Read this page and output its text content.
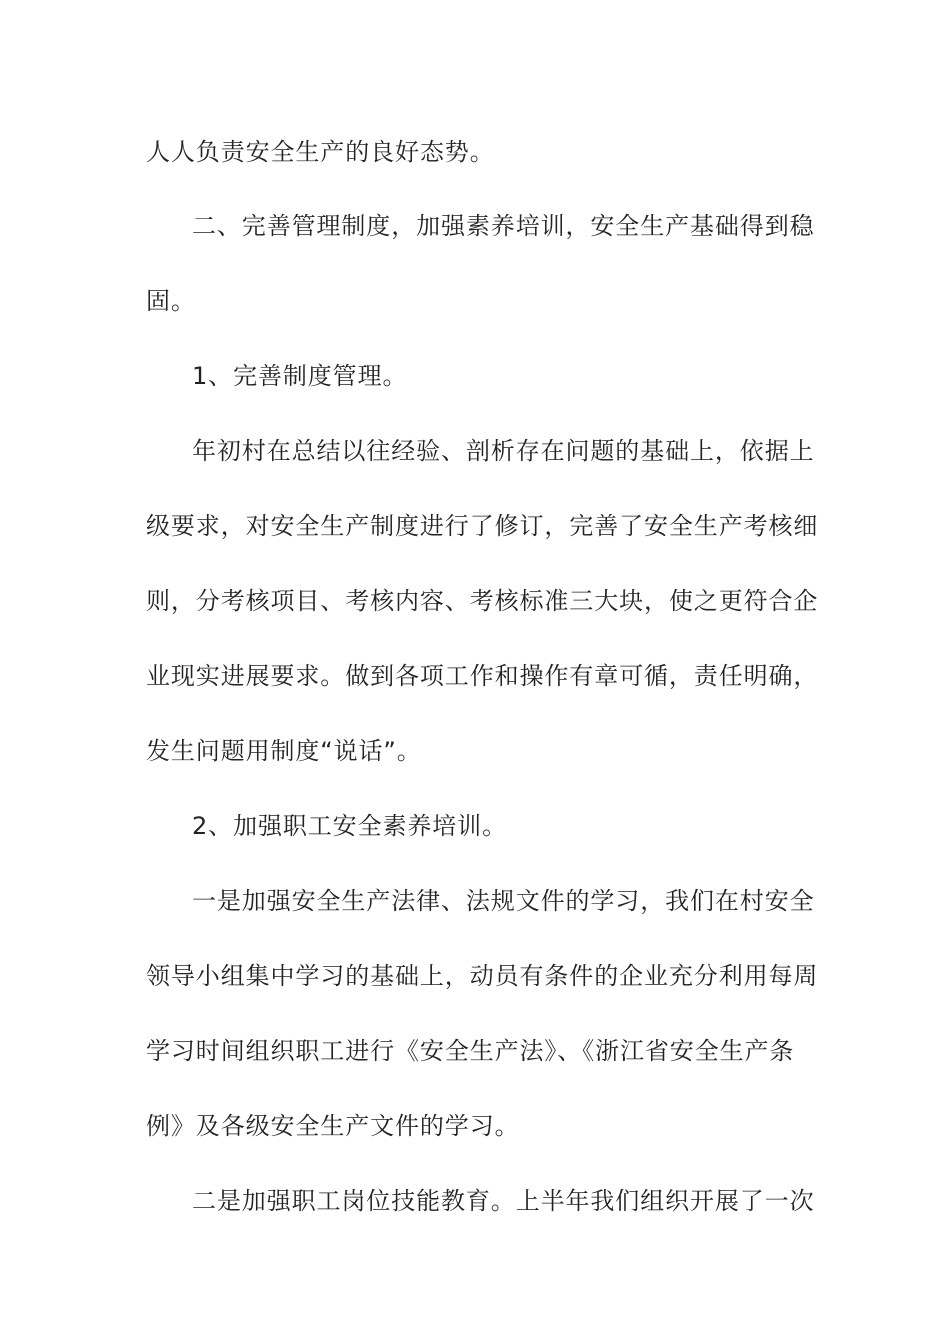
人人负责安全生产的良好态势。
二、完善管理制度，加强素养培训，安全生产基础得到稳
固。
1、完善制度管理。
年初村在总结以往经验、剖析存在问题的基础上，依据上
级要求，对安全生产制度进行了修订，完善了安全生产考核细
则，分考核项目、考核内容、考核标准三大块，使之更符合企
业现实进展要求。做到各项工作和操作有章可循，责任明确，
发生问题用制度“说话”。
2、加强职工安全素养培训。
一是加强安全生产法律、法规文件的学习，我们在村安全
领导小组集中学习的基础上，动员有条件的企业充分利用每周
学习时间组织职工进行《安全生产法》、《浙江省安全生产条
例》及各级安全生产文件的学习。
二是加强职工岗位技能教育。上半年我们组织开展了一次
